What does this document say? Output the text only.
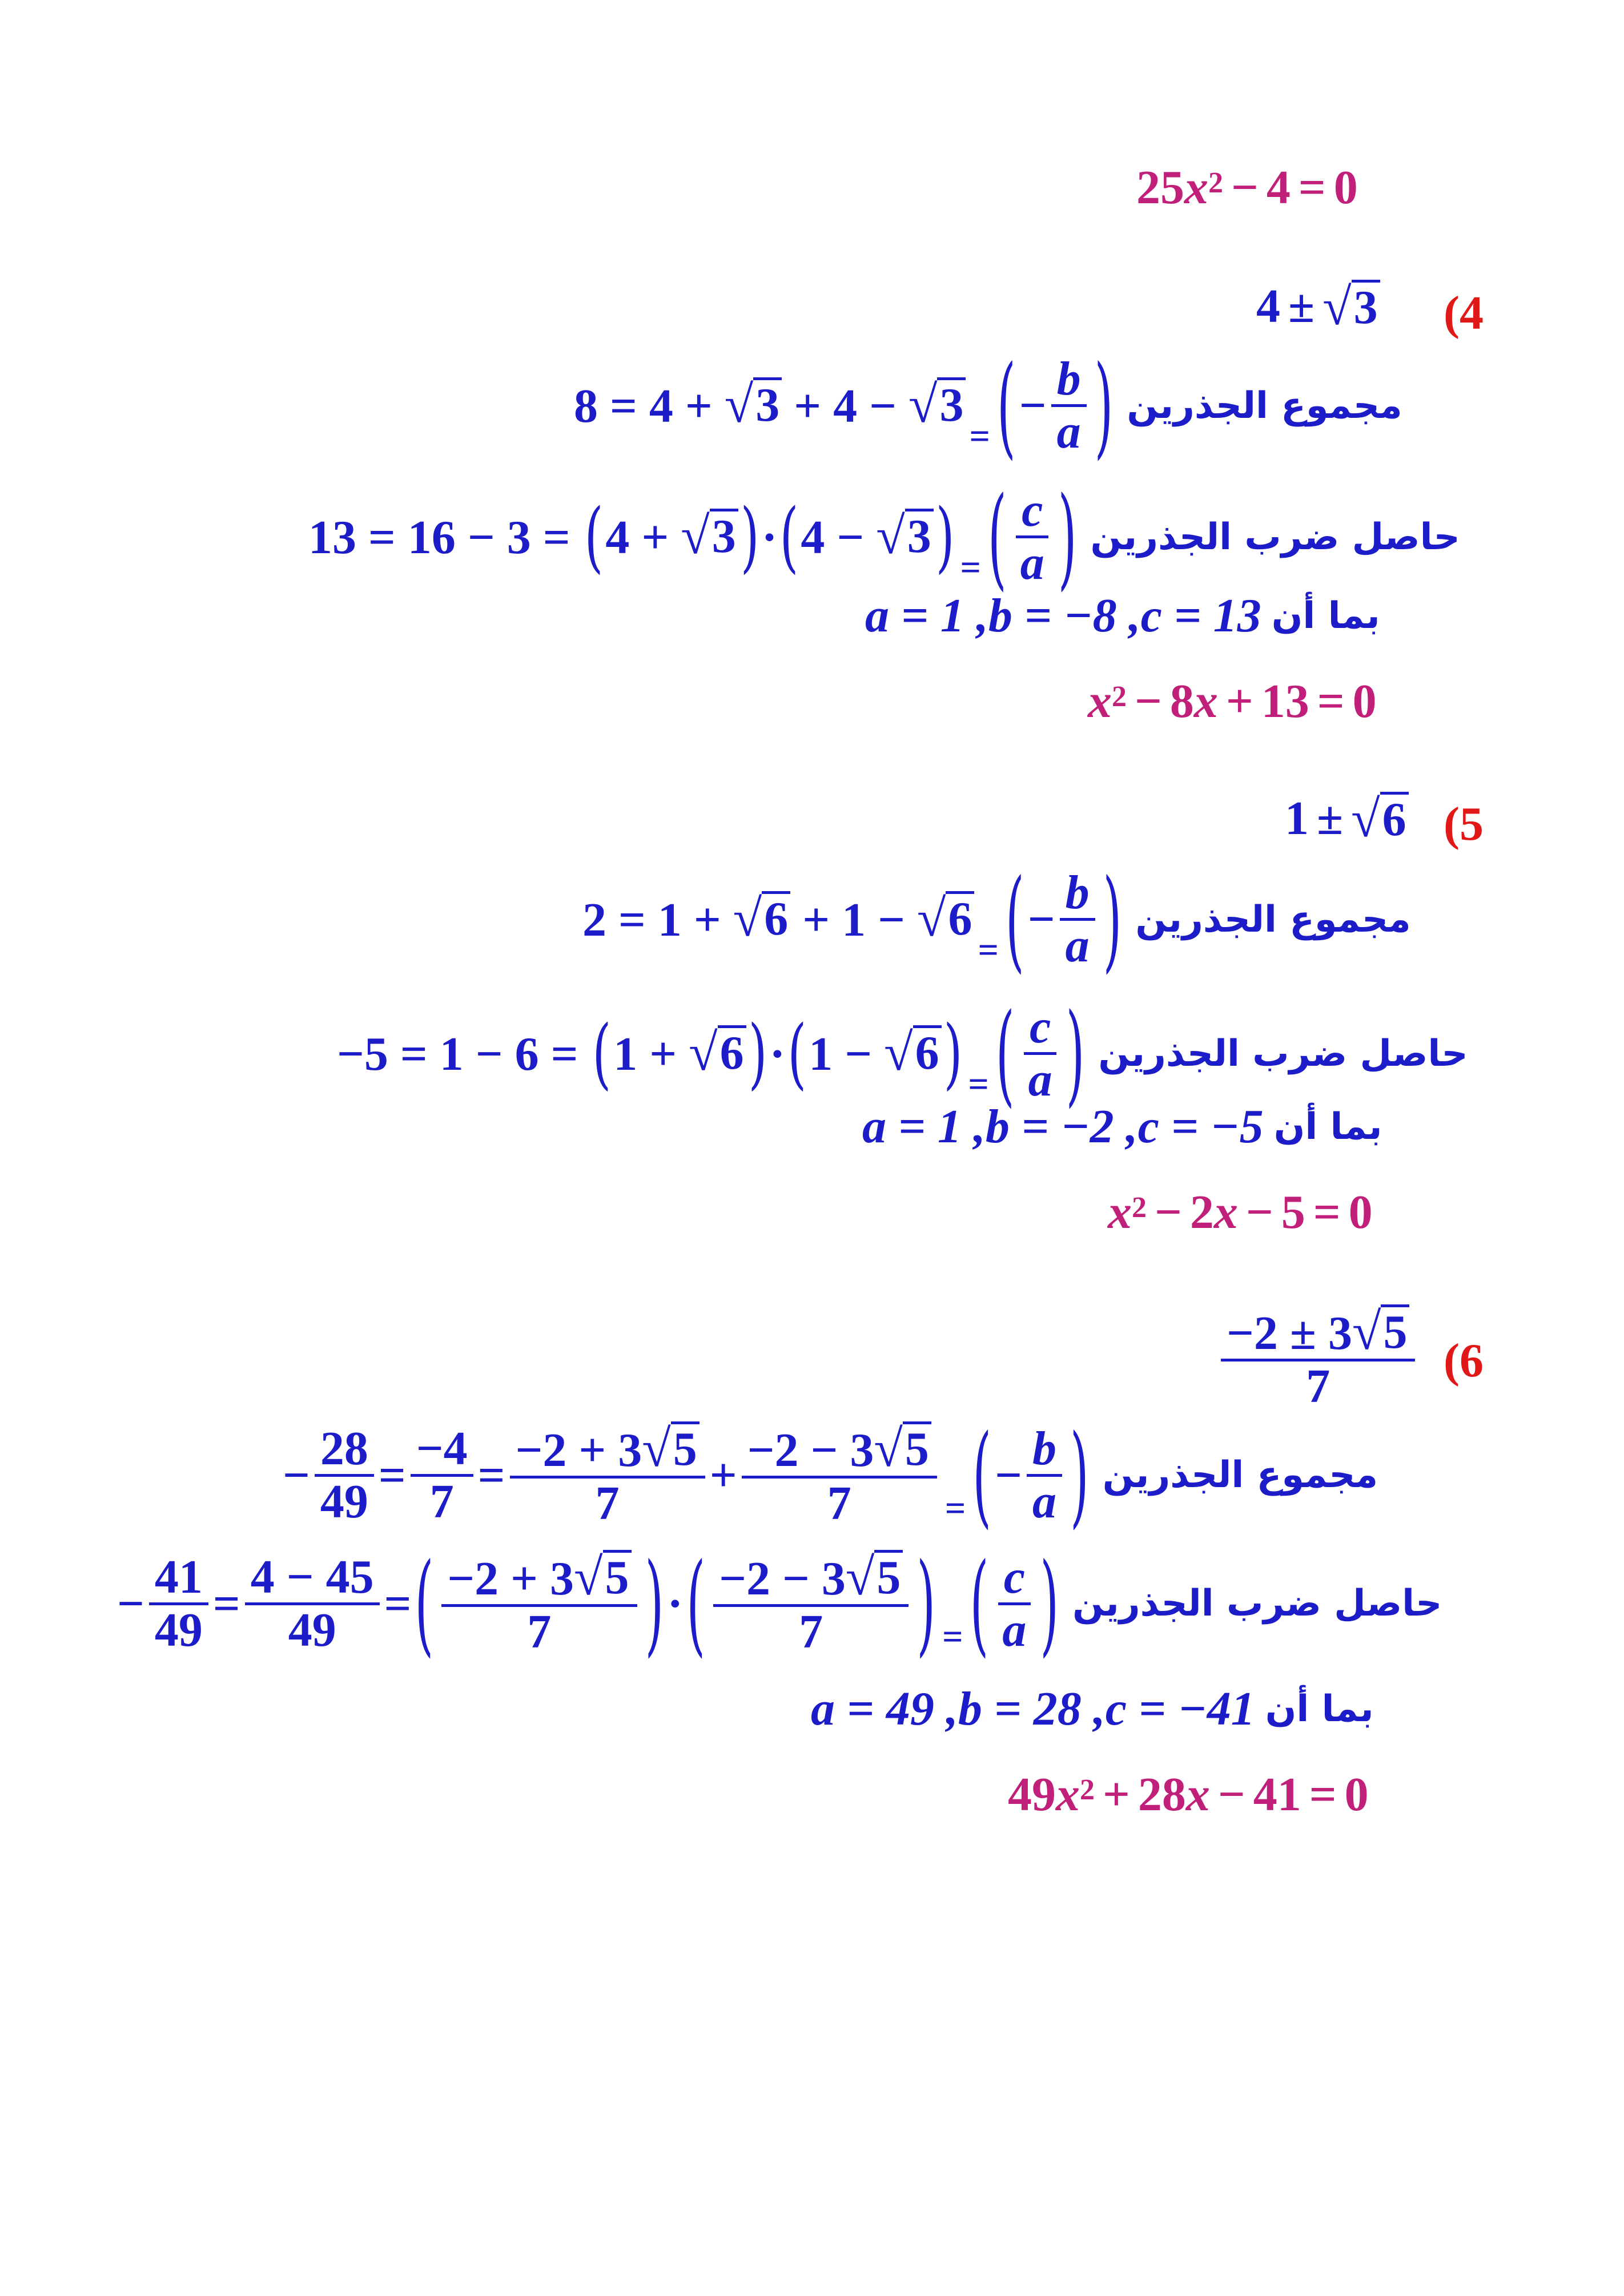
25 $x^2 - 4 = 0$
(4
4 ± √ 3
8 = 4 + √ 3 + 4 − √ 3
= ( − $\frac{b}{a}$ ) مجموع الجذرين
13 = 16 − 3 = (4 + √ 3 )·(4 − √ 3 ) = ( $\frac{c}{a}$ ) حاصل ضرب الجذرين
a = 1 ,b = −8 ,c = 13 بما أن
$x^2 - 8$ x + 13 = 0
(5
1 ± √ 6
2 = 1 + √ 6 + 1 − √ 6
= ( − $\frac{b}{a}$ ) مجموع الجذرين
−5 = 1 − 6 = (1 + √ 6 )·(1 − √ 6 ) = ( $\frac{c}{a}$ ) حاصل ضرب الجذرين
a = 1 ,b = −2 ,c = −5 بما أن
$x^2 - 2$ x − 5 = 0
(6
$\frac{-2 \pm 3 √ 5}{7}$
− $\frac{28}{49} = \frac{-4}{7} = \frac{-2 + 3 √ 5}{7} + \frac{-2 - 3 √ 5}{7}$ = ( − $\frac{b}{a}$ ) مجموع الجذرين
− $\frac{41}{49} = \frac{4 - 45}{49}$ = ( $\frac{-2 + 3 √ 5}{7}$ ) · ( $\frac{-2 - 3 √ 5}{7}$ ) = ( $\frac{c}{a}$ ) حاصل ضرب الجذرين
a = 49 ,b = 28 ,c = −41 بما أن
49 $x^2 + 28$ x − 41 = 0
